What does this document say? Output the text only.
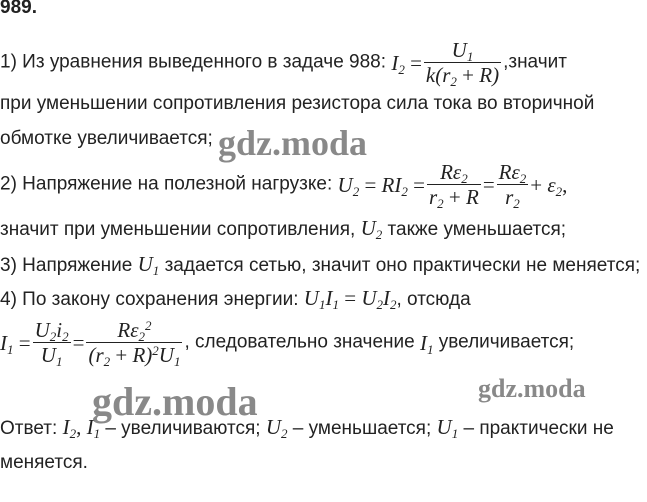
989.
1) Из уравнения выведенного в задаче 988: $I_2 = \frac{U_1}{k(r_2 + R)}$ ,значит
при уменьшении сопротивления резистора сила тока во вторичной
обмотке увеличивается;
2) Напряжение на полезной нагрузке: $U_2 = RI_2 = \frac{R\varepsilon_2}{r_2 + R} = \frac{R\varepsilon_2}{r_2} + \varepsilon_2$,
значит при уменьшении сопротивления, $U_2$ также уменьшается;
3) Напряжение $U_1$ задается сетью, значит оно практически не меняется;
4) По закону сохранения энергии: $U_1I_1 = U_2I_2$, отсюда
$I_1 = \frac{U_2i_2}{U_1} = \frac{R\varepsilon_2^2}{(r_2 + R)^2U_1}$ , следовательно значение $I_1$ увеличивается;
Ответ: $I_2$, $I_1$ – увеличиваются; $U_2$ – уменьшается; $U_1$ – практически не
меняется.
gdz.moda
gdz.moda	gdz.moda
